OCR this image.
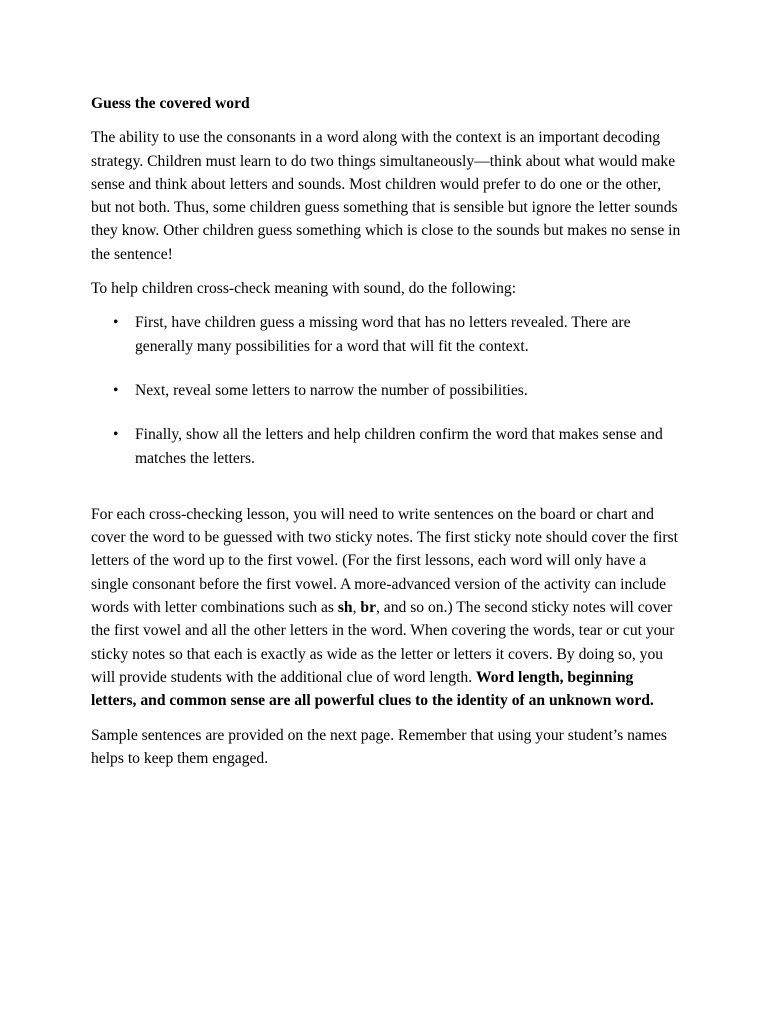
Guess the covered word

The ability to use the consonants in a word along with the context is an important decoding strategy. Children must learn to do two things simultaneously—think about what would make sense and think about letters and sounds. Most children would prefer to do one or the other, but not both. Thus, some children guess something that is sensible but ignore the letter sounds they know. Other children guess something which is close to the sounds but makes no sense in the sentence!

To help children cross-check meaning with sound, do the following:

• First, have children guess a missing word that has no letters revealed. There are generally many possibilities for a word that will fit the context.
• Next, reveal some letters to narrow the number of possibilities.
• Finally, show all the letters and help children confirm the word that makes sense and matches the letters.

For each cross-checking lesson, you will need to write sentences on the board or chart and cover the word to be guessed with two sticky notes. The first sticky note should cover the first letters of the word up to the first vowel. (For the first lessons, each word will only have a single consonant before the first vowel. A more-advanced version of the activity can include words with letter combinations such as sh, br, and so on.) The second sticky notes will cover the first vowel and all the other letters in the word. When covering the words, tear or cut your sticky notes so that each is exactly as wide as the letter or letters it covers. By doing so, you will provide students with the additional clue of word length. Word length, beginning letters, and common sense are all powerful clues to the identity of an unknown word.

Sample sentences are provided on the next page. Remember that using your student’s names helps to keep them engaged.
